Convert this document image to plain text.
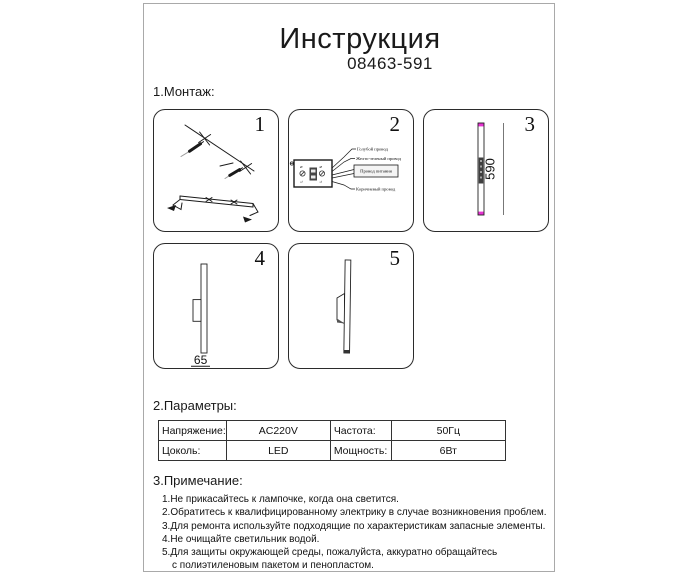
Инструкция
08463-591
1.Монтаж:
1	2
N
L
N
L
Голубой провод
Желто-зеленый провод
Провод питания
Коричневый провод
3
590
4
65
5
2.Параметры:
Напряжение:	AC220V	Частота:	50Гц
Цоколь:	LED	Мощность:	6Вт
3.Примечание:
1.Не прикасайтесь к лампочке, когда она светится.
2.Обратитесь к квалифицированному электрику в случае возникновения проблем.
3.Для ремонта используйте подходящие по характеристикам запасные элементы.
4.Не очищайте светильник водой.
5.Для защиты окружающей среды, пожалуйста, аккуратно обращайтесь с полиэтиленовым пакетом и пенопластом.
